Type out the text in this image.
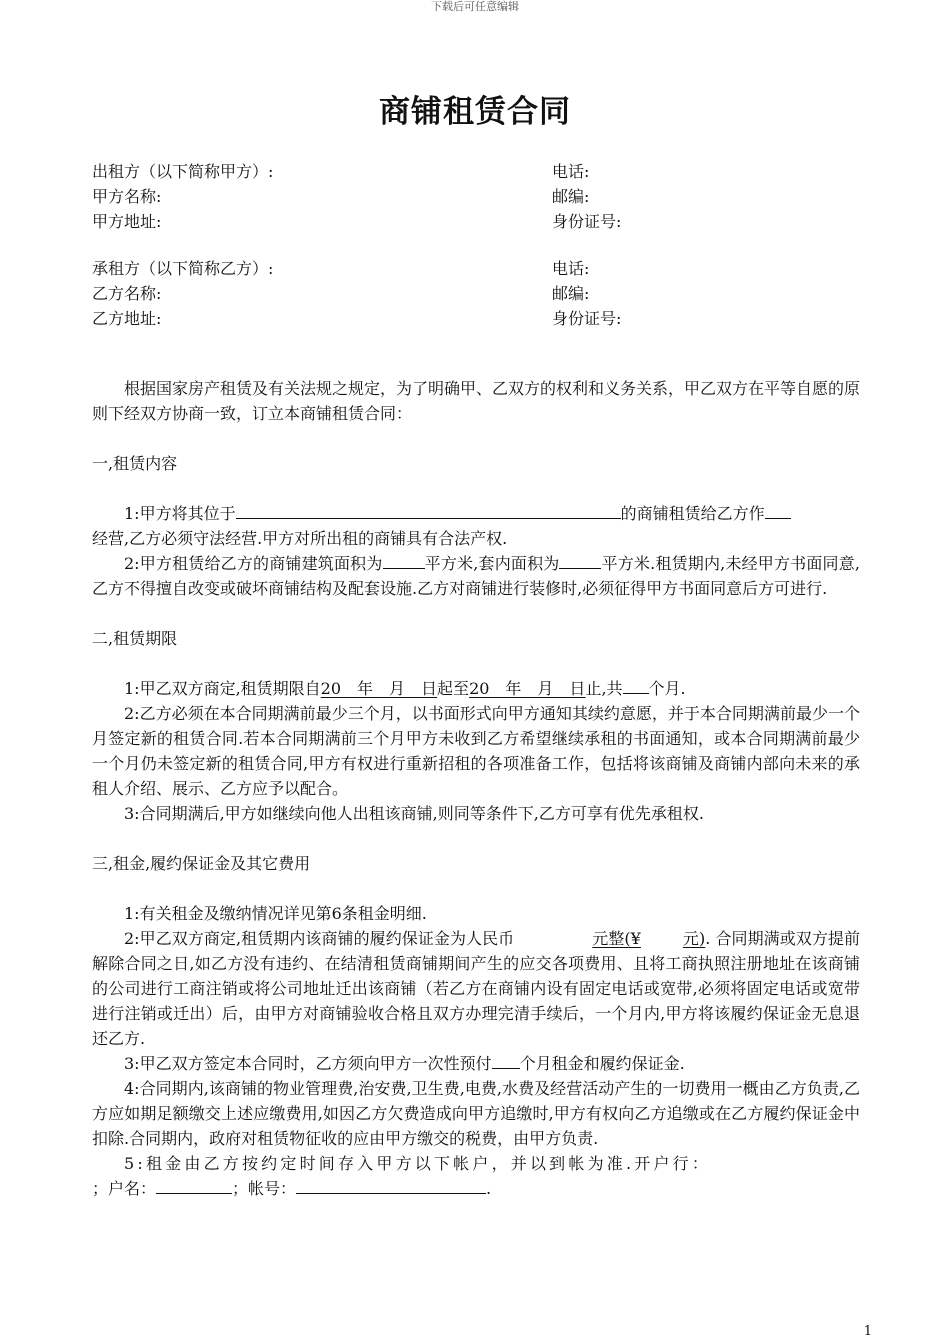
下载后可任意编辑
商铺租赁合同
出租方（以下简称甲方）:	电话:
甲方名称:	邮编:
甲方地址:	身份证号:
承租方（以下简称乙方）:	电话:
乙方名称:	邮编:
乙方地址:	身份证号:

根据国家房产租赁及有关法规之规定，为了明确甲、乙双方的权利和义务关系，甲乙双方在平等自愿的原则下经双方协商一致，订立本商铺租赁合同：

一,租赁内容

1:甲方将其位于	的商铺租赁给乙方作
经营,乙方必须守法经营.甲方对所出租的商铺具有合法产权.

2:甲方租赁给乙方的商铺建筑面积为	平方米,套内面积为	平方米.租赁期内,未经甲方书面同意,乙方不得擅自改变或破坏商铺结构及配套设施.乙方对商铺进行装修时,必须征得甲方书面同意后方可进行.

二,租赁期限

1:甲乙双方商定,租赁期限自20　年　月　日起至20　年　月　日止,共 个月.

2:乙方必须在本合同期满前最少三个月，以书面形式向甲方通知其续约意愿，并于本合同期满前最少一个月签定新的租赁合同.若本合同期满前三个月甲方未收到乙方希望继续承租的书面通知，或本合同期满前最少一个月仍未签定新的租赁合同,甲方有权进行重新招租的各项准备工作，包括将该商铺及商铺内部向未来的承租人介绍、展示、乙方应予以配合。

3:合同期满后,甲方如继续向他人出租该商铺,则同等条件下,乙方可享有优先承租权.

三,租金,履约保证金及其它费用

1:有关租金及缴纳情况详见第6条租金明细.

2:甲乙双方商定,租赁期内该商铺的履约保证金为人民币	元整(¥	元). 合同期满或双方提前解除合同之日,如乙方没有违约、在结清租赁商铺期间产生的应交各项费用、且将工商执照注册地址在该商铺的公司进行工商注销或将公司地址迁出该商铺（若乙方在商铺内设有固定电话或宽带,必须将固定电话或宽带进行注销或迁出）后，由甲方对商铺验收合格且双方办理完清手续后，一个月内,甲方将该履约保证金无息退还乙方.

3:甲乙双方签定本合同时，乙方须向甲方一次性预付 个月租金和履约保证金.

4:合同期内,该商铺的物业管理费,治安费,卫生费,电费,水费及经营活动产生的一切费用一概由乙方负责,乙方应如期足额缴交上述应缴费用,如因乙方欠费造成向甲方追缴时,甲方有权向乙方追缴或在乙方履约保证金中扣除.合同期内，政府对租赁物征收的应由甲方缴交的税费，由甲方负责.

5:租金由乙方按约定时间存入甲方以下帐户，并以到帐为准.开户行：

；户名：	；帐号：	.

1
